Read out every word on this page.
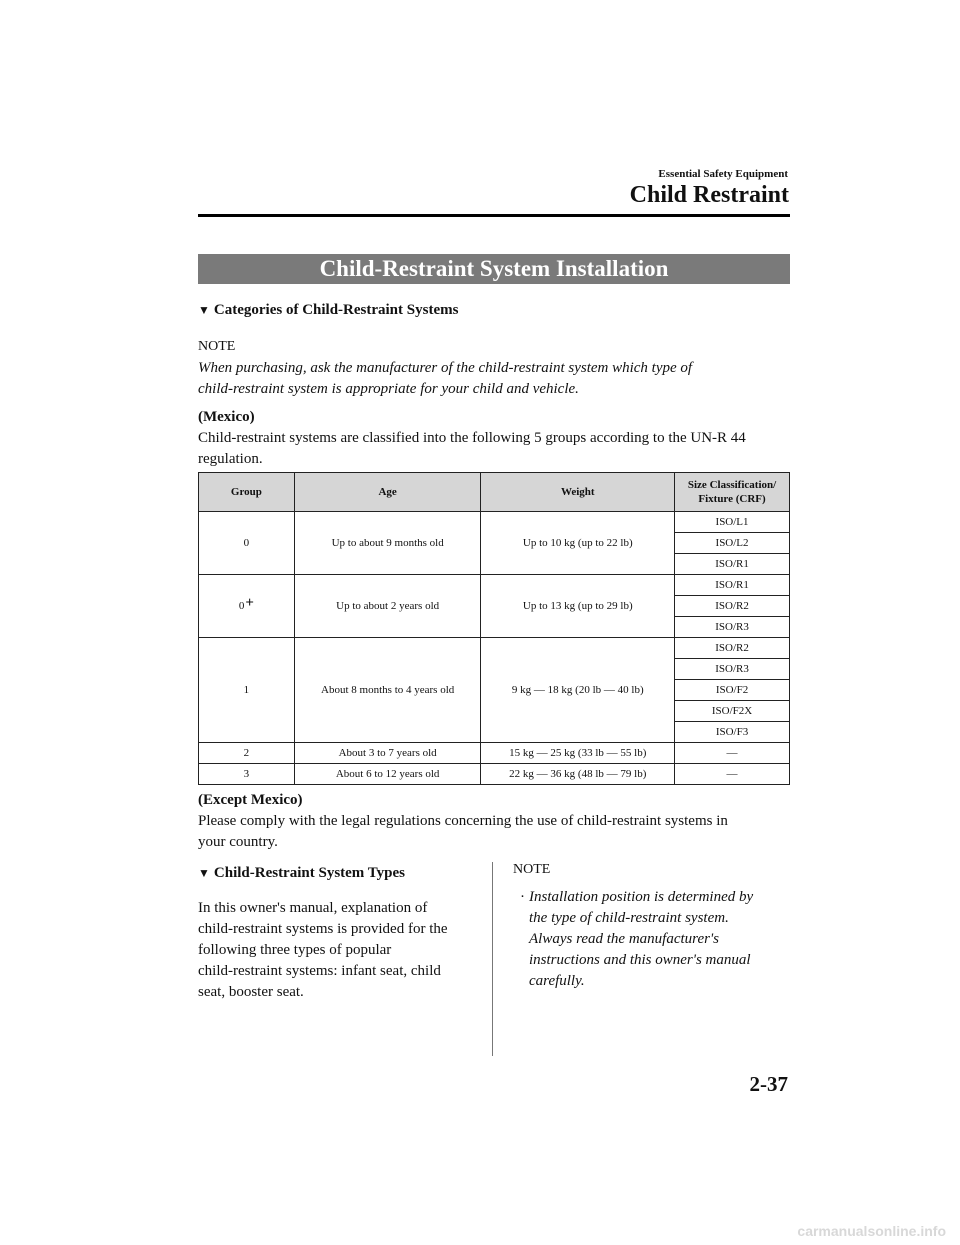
Essential Safety Equipment
Child Restraint
Child-Restraint System Installation
▼ Categories of Child-Restraint Systems
NOTE
When purchasing, ask the manufacturer of the child-restraint system which type of
child-restraint system is appropriate for your child and vehicle.
(Mexico)
Child-restraint systems are classified into the following 5 groups according to the UN-R 44
regulation.
Group	Age	Weight	Size Classification/
Fixture (CRF)
0	Up to about 9 months old	Up to 10 kg (up to 22 lb)	ISO/L1
			ISO/L2
			ISO/R1
0+	Up to about 2 years old	Up to 13 kg (up to 29 lb)	ISO/R1
			ISO/R2
			ISO/R3
1	About 8 months to 4 years old	9 kg — 18 kg (20 lb — 40 lb)	ISO/R2
			ISO/R3
			ISO/F2
			ISO/F2X
			ISO/F3
2	About 3 to 7 years old	15 kg — 25 kg (33 lb — 55 lb)	—
3	About 6 to 12 years old	22 kg — 36 kg (48 lb — 79 lb)	—
(Except Mexico)
Please comply with the legal regulations concerning the use of child-restraint systems in
your country.
▼ Child-Restraint System Types
In this owner's manual, explanation of
child-restraint systems is provided for the
following three types of popular
child-restraint systems: infant seat, child
seat, booster seat.
NOTE
· Installation position is determined by
the type of child-restraint system.
Always read the manufacturer's
instructions and this owner's manual
carefully.
2-37
carmanualsonline.info
